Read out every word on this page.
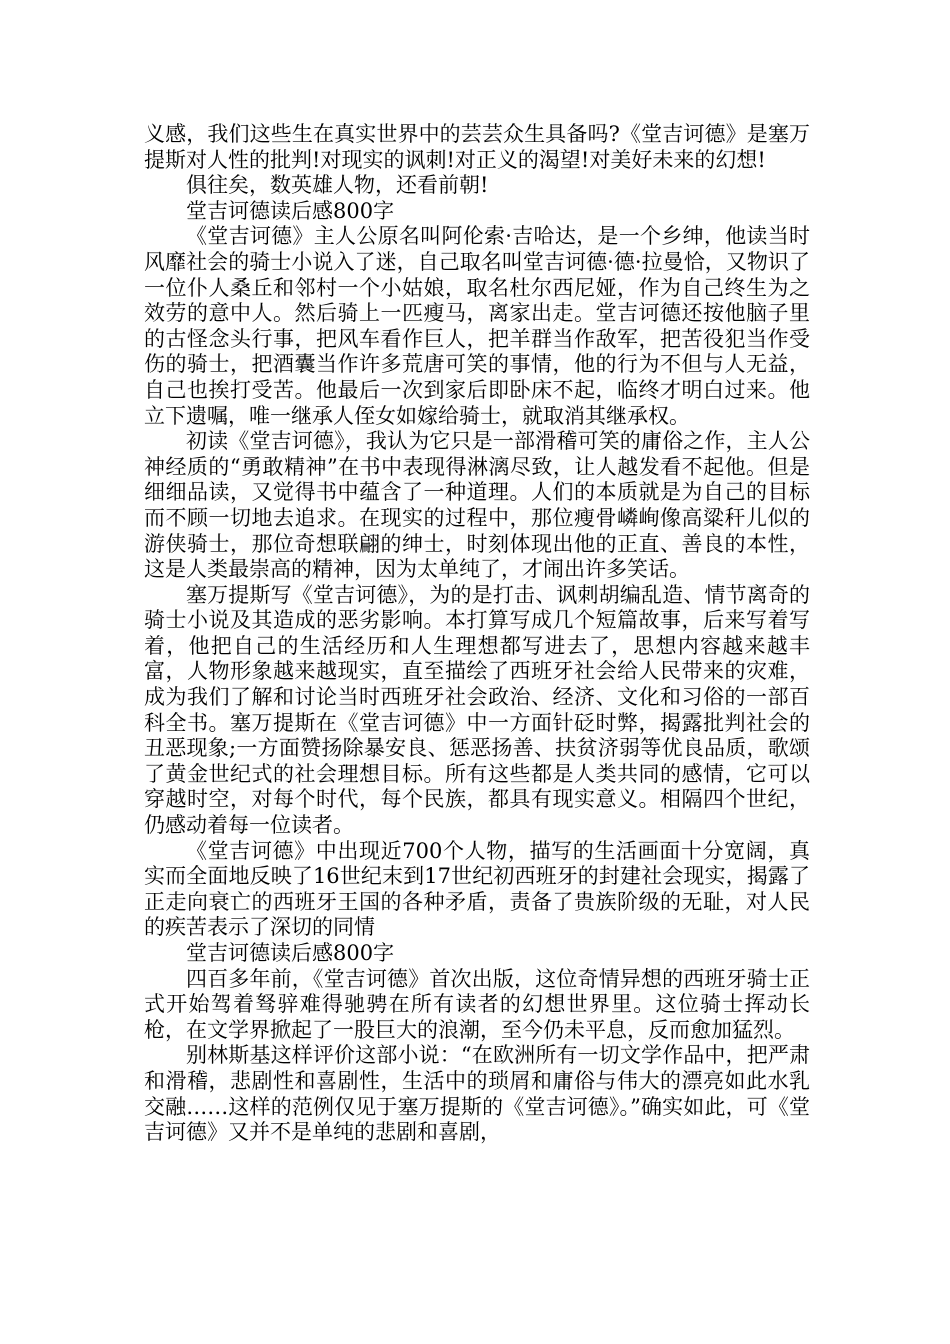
义感，我们这些生在真实世界中的芸芸众生具备吗?《堂吉诃德》是塞万提斯对人性的批判!对现实的讽刺!对正义的渴望!对美好未来的幻想!

俱往矣，数英雄人物，还看前朝!

堂吉诃德读后感800字

《堂吉诃德》主人公原名叫阿伦索·吉哈达，是一个乡绅，他读当时风靡社会的骑士小说入了迷，自己取名叫堂吉诃德·德·拉曼恰，又物识了一位仆人桑丘和邻村一个小姑娘，取名杜尔西尼娅，作为自己终生为之效劳的意中人。然后骑上一匹瘦马，离家出走。堂吉诃德还按他脑子里的古怪念头行事，把风车看作巨人，把羊群当作敌军，把苦役犯当作受伤的骑士，把酒囊当作许多荒唐可笑的事情，他的行为不但与人无益，自己也挨打受苦。他最后一次到家后即卧床不起，临终才明白过来。他立下遗嘱，唯一继承人侄女如嫁给骑士，就取消其继承权。

初读《堂吉诃德》，我认为它只是一部滑稽可笑的庸俗之作，主人公神经质的“勇敢精神”在书中表现得淋漓尽致，让人越发看不起他。但是细细品读，又觉得书中蕴含了一种道理。人们的本质就是为自己的目标而不顾一切地去追求。在现实的过程中，那位瘦骨嶙峋像高粱秆儿似的游侠骑士，那位奇想联翩的绅士，时刻体现出他的正直、善良的本性，这是人类最崇高的精神，因为太单纯了，才闹出许多笑话。

塞万提斯写《堂吉诃德》，为的是打击、讽刺胡编乱造、情节离奇的骑士小说及其造成的恶劣影响。本打算写成几个短篇故事，后来写着写着，他把自己的生活经历和人生理想都写进去了，思想内容越来越丰富，人物形象越来越现实，直至描绘了西班牙社会给人民带来的灾难，成为我们了解和讨论当时西班牙社会政治、经济、文化和习俗的一部百科全书。塞万提斯在《堂吉诃德》中一方面针砭时弊，揭露批判社会的丑恶现象;一方面赞扬除暴安良、惩恶扬善、扶贫济弱等优良品质，歌颂了黄金世纪式的社会理想目标。所有这些都是人类共同的感情，它可以穿越时空，对每个时代，每个民族，都具有现实意义。相隔四个世纪，仍感动着每一位读者。

《堂吉诃德》中出现近700个人物，描写的生活画面十分宽阔，真实而全面地反映了16世纪末到17世纪初西班牙的封建社会现实，揭露了正走向衰亡的西班牙王国的各种矛盾，责备了贵族阶级的无耻，对人民的疾苦表示了深切的同情

堂吉诃德读后感800字

四百多年前，《堂吉诃德》首次出版，这位奇情异想的西班牙骑士正式开始驾着驽骍难得驰骋在所有读者的幻想世界里。这位骑士挥动长枪，在文学界掀起了一股巨大的浪潮，至今仍未平息，反而愈加猛烈。

别林斯基这样评价这部小说：“在欧洲所有一切文学作品中，把严肃和滑稽，悲剧性和喜剧性，生活中的琐屑和庸俗与伟大的漂亮如此水乳交融……这样的范例仅见于塞万提斯的《堂吉诃德》。”确实如此，可《堂吉诃德》又并不是单纯的悲剧和喜剧，
